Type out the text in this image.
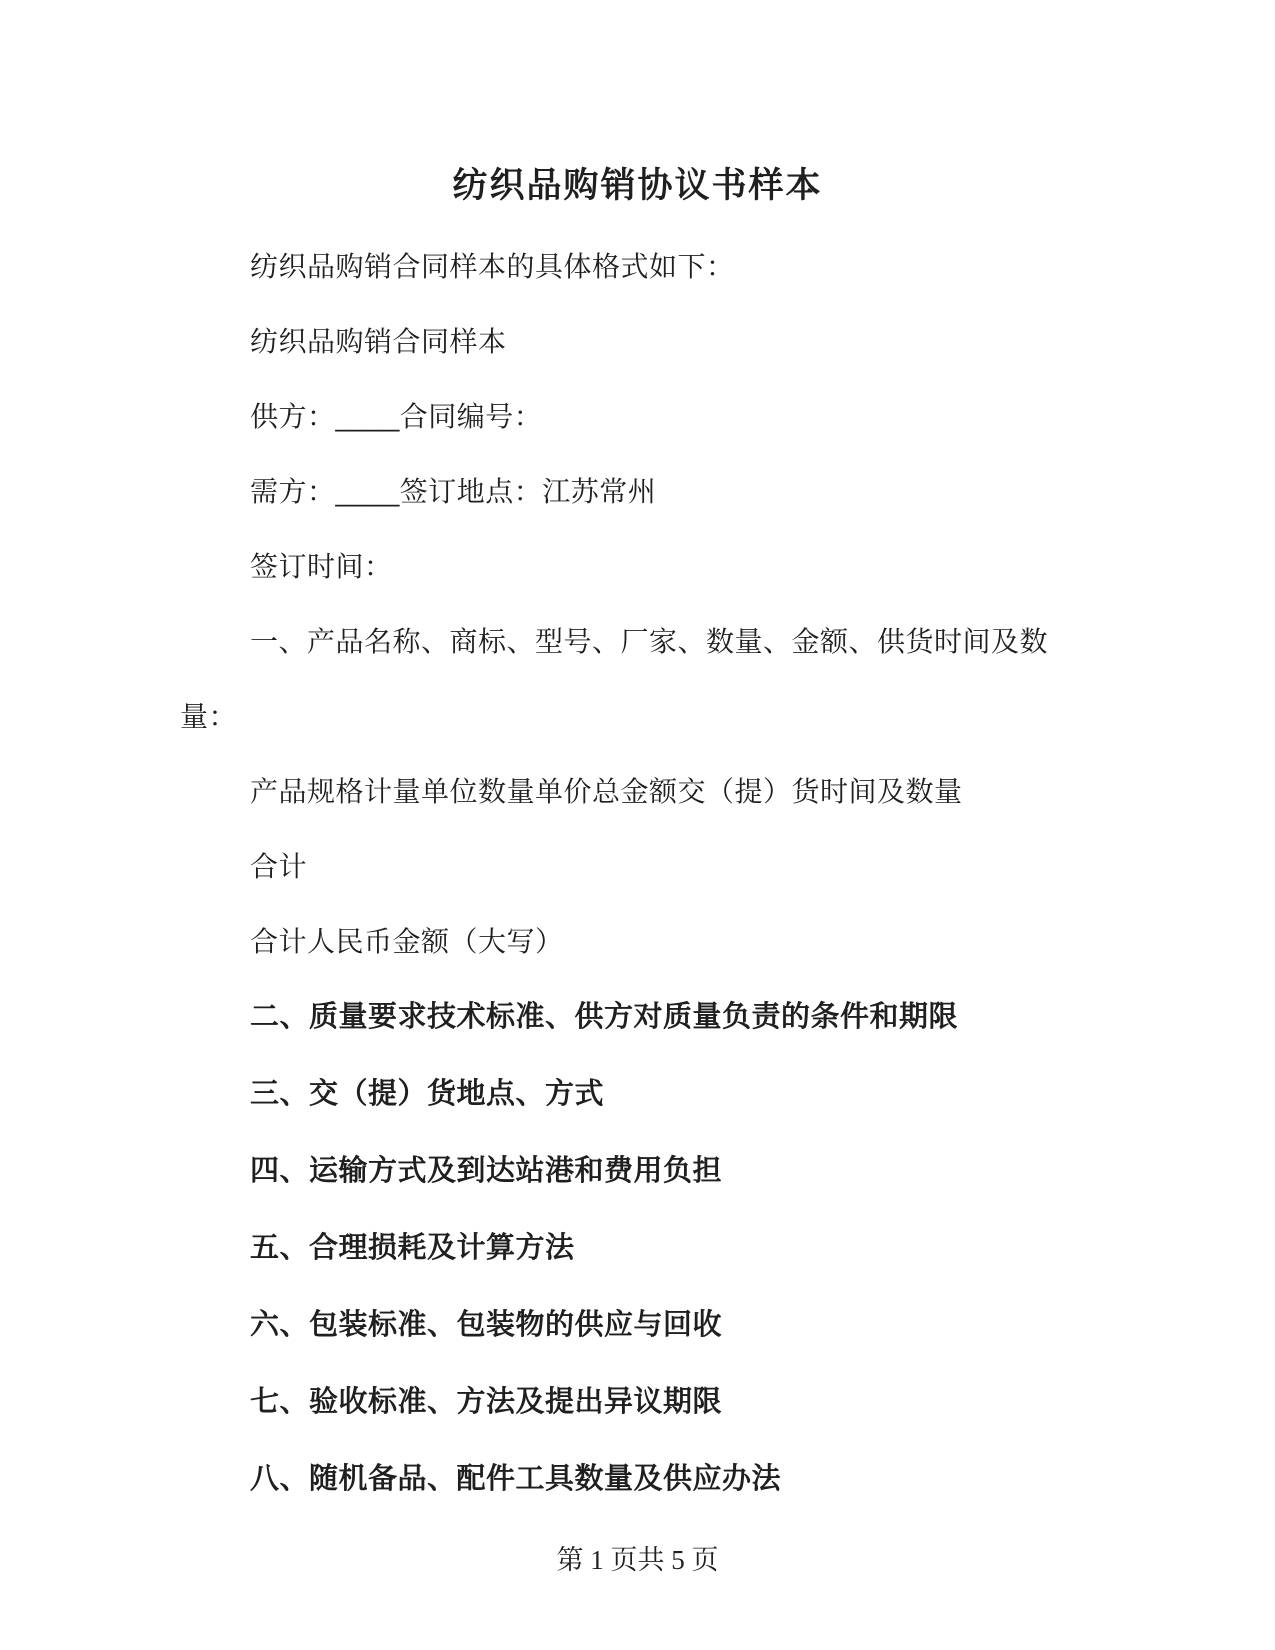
纺织品购销协议书样本
纺织品购销合同样本的具体格式如下：
纺织品购销合同样本
供方：____合同编号：
需方：____签订地点：江苏常州
签订时间：
一、产品名称、商标、型号、厂家、数量、金额、供货时间及数
量：
产品规格计量单位数量单价总金额交（提）货时间及数量
合计
合计人民币金额（大写）
二、质量要求技术标准、供方对质量负责的条件和期限
三、交（提）货地点、方式
四、运输方式及到达站港和费用负担
五、合理损耗及计算方法
六、包装标准、包装物的供应与回收
七、验收标准、方法及提出异议期限
八、随机备品、配件工具数量及供应办法
第 1 页共 5 页
